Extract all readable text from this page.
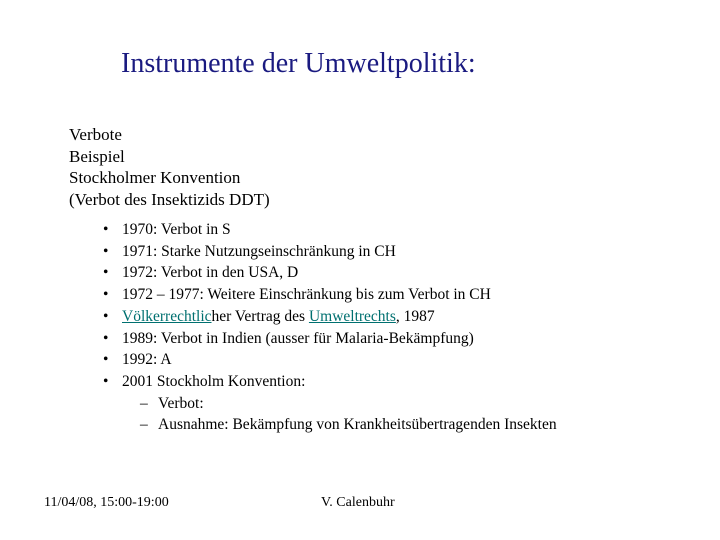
Instrumente der Umweltpolitik:
Verbote
Beispiel
Stockholmer Konvention
(Verbot des Insektizids DDT)
• 1970: Verbot in S
• 1971: Starke Nutzungseinschränkung in CH
• 1972: Verbot in den USA, D
• 1972 – 1977: Weitere Einschränkung bis zum Verbot in CH
• Völkerrechtlicher Vertrag des Umweltrechts, 1987
• 1989: Verbot in Indien (ausser für Malaria-Bekämpfung)
• 1992: A
• 2001 Stockholm Konvention:
– Verbot:
– Ausnahme: Bekämpfung von Krankheitsübertragenden Insekten
11/04/08, 15:00-19:00	V. Calenbuhr
